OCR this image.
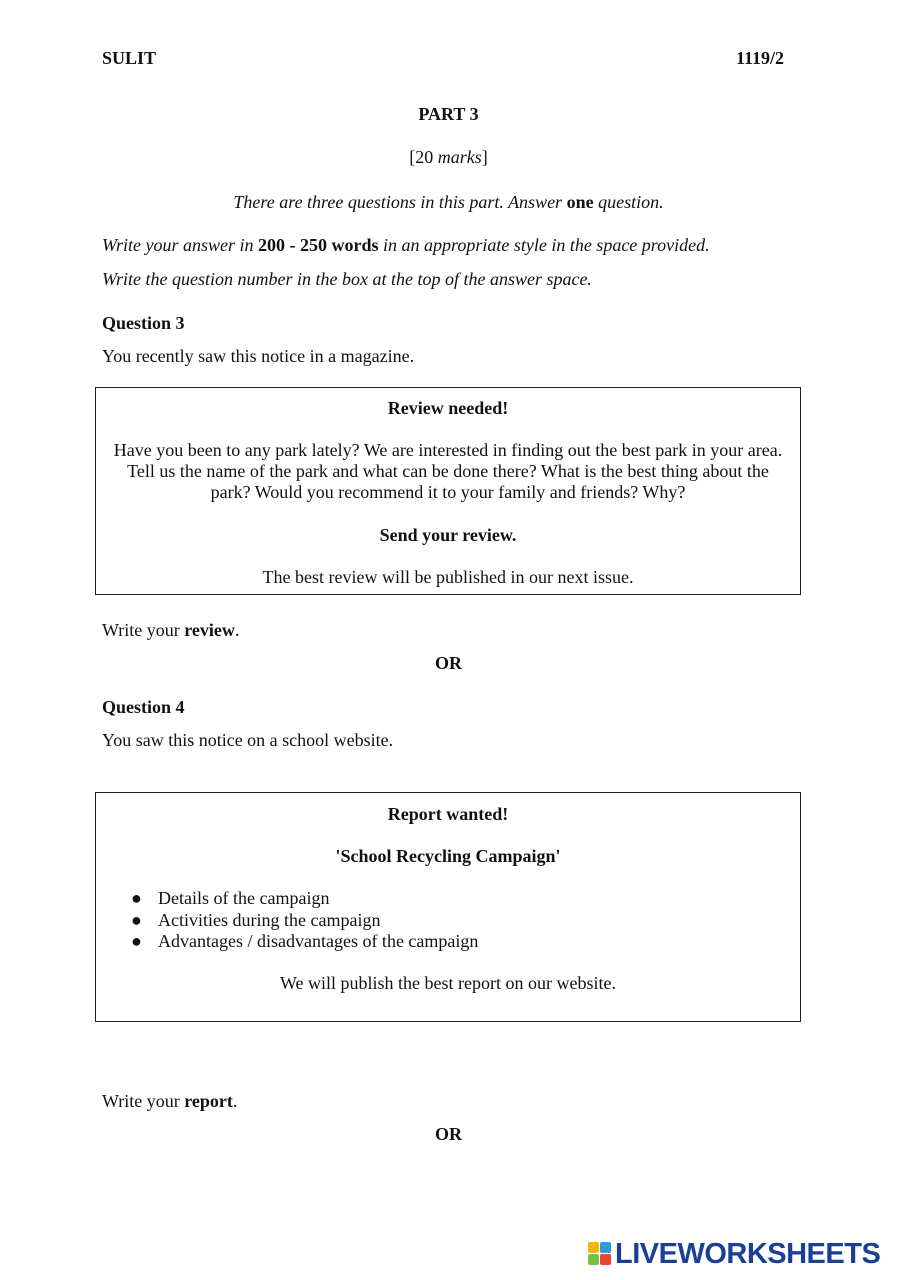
SULIT	1119/2
PART 3
[20 marks]
There are three questions in this part. Answer one question.
Write your answer in 200 - 250 words in an appropriate style in the space provided.
Write the question number in the box at the top of the answer space.
Question 3
You recently saw this notice in a magazine.
Review needed!
Have you been to any park lately? We are interested in finding out the best park in your area.
Tell us the name of the park and what can be done there? What is the best thing about the
park? Would you recommend it to your family and friends? Why?
Send your review.
The best review will be published in our next issue.
Write your review.
OR
Question 4
You saw this notice on a school website.
Report wanted!
'School Recycling Campaign'
● Details of the campaign
● Activities during the campaign
● Advantages / disadvantages of the campaign
We will publish the best report on our website.
Write your report.
OR
LIVEWORKSHEETS
